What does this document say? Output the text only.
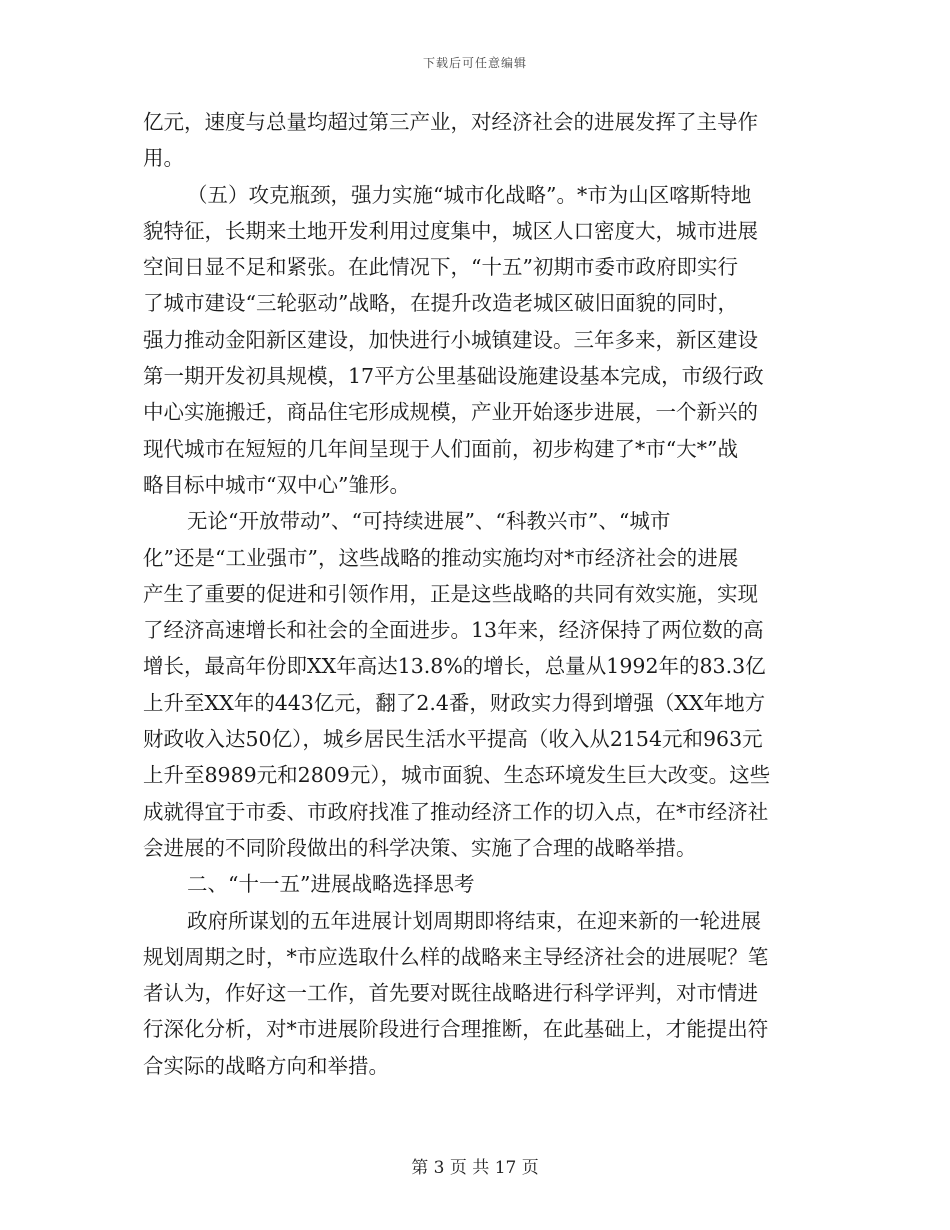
下载后可任意编辑
亿元，速度与总量均超过第三产业，对经济社会的进展发挥了主导作
用。
（五）攻克瓶颈，强力实施“城市化战略”。*市为山区喀斯特地
貌特征，长期来土地开发利用过度集中，城区人口密度大，城市进展
空间日显不足和紧张。在此情况下，“十五”初期市委市政府即实行
了城市建设“三轮驱动”战略，在提升改造老城区破旧面貌的同时，
强力推动金阳新区建设，加快进行小城镇建设。三年多来，新区建设
第一期开发初具规模，17平方公里基础设施建设基本完成，市级行政
中心实施搬迁，商品住宅形成规模，产业开始逐步进展，一个新兴的
现代城市在短短的几年间呈现于人们面前，初步构建了*市“大*”战
略目标中城市“双中心”雏形。
无论“开放带动”、“可持续进展”、“科教兴市”、“城市
化”还是“工业强市”，这些战略的推动实施均对*市经济社会的进展
产生了重要的促进和引领作用，正是这些战略的共同有效实施，实现
了经济高速增长和社会的全面进步。13年来，经济保持了两位数的高
增长，最高年份即XX年高达13.8%的增长，总量从1992年的83.3亿
上升至XX年的443亿元，翻了2.4番，财政实力得到增强（XX年地方
财政收入达50亿），城乡居民生活水平提高（收入从2154元和963元
上升至8989元和2809元），城市面貌、生态环境发生巨大改变。这些
成就得宜于市委、市政府找准了推动经济工作的切入点，在*市经济社
会进展的不同阶段做出的科学决策、实施了合理的战略举措。
二、“十一五”进展战略选择思考
政府所谋划的五年进展计划周期即将结束，在迎来新的一轮进展
规划周期之时，*市应选取什么样的战略来主导经济社会的进展呢？笔
者认为，作好这一工作，首先要对既往战略进行科学评判，对市情进
行深化分析，对*市进展阶段进行合理推断，在此基础上，才能提出符
合实际的战略方向和举措。
第 3 页 共 17 页
